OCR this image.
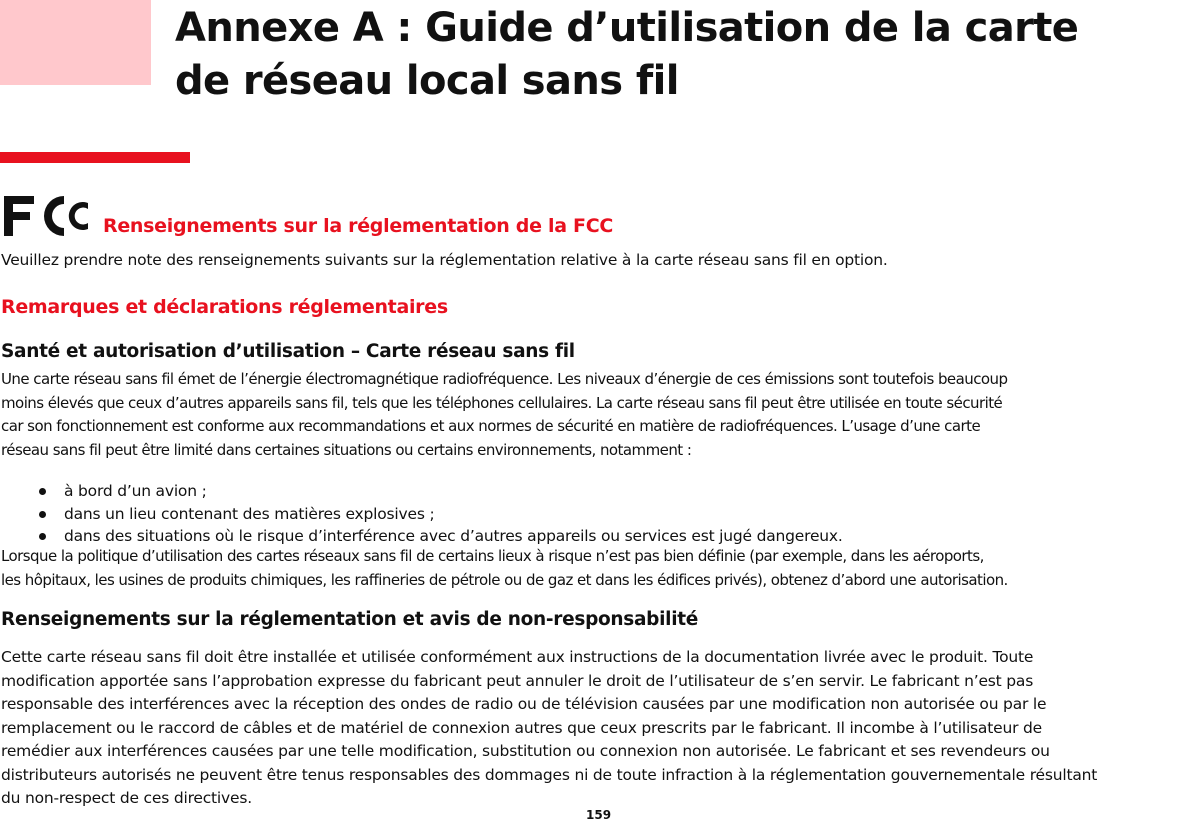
Annexe A : Guide d’utilisation de la carte
de réseau local sans fil
Renseignements sur la réglementation de la FCC

Veuillez prendre note des renseignements suivants sur la réglementation relative à la carte réseau sans fil en option.

Remarques et déclarations réglementaires
Santé et autorisation d’utilisation – Carte réseau sans fil

Une carte réseau sans fil émet de l’énergie électromagnétique radiofréquence. Les niveaux d’énergie de ces émissions sont toutefois beaucoup
moins élevés que ceux d’autres appareils sans fil, tels que les téléphones cellulaires. La carte réseau sans fil peut être utilisée en toute sécurité
car son fonctionnement est conforme aux recommandations et aux normes de sécurité en matière de radiofréquences. L’usage d’une carte
réseau sans fil peut être limité dans certaines situations ou certains environnements, notamment :

à bord d’un avion ;
dans un lieu contenant des matières explosives ;
dans des situations où le risque d’interférence avec d’autres appareils ou services est jugé dangereux.

Lorsque la politique d’utilisation des cartes réseaux sans fil de certains lieux à risque n’est pas bien définie (par exemple, dans les aéroports,
les hôpitaux, les usines de produits chimiques, les raffineries de pétrole ou de gaz et dans les édifices privés), obtenez d’abord une autorisation.

Renseignements sur la réglementation et avis de non-responsabilité

Cette carte réseau sans fil doit être installée et utilisée conformément aux instructions de la documentation livrée avec le produit. Toute
modification apportée sans l’approbation expresse du fabricant peut annuler le droit de l’utilisateur de s’en servir. Le fabricant n’est pas
responsable des interférences avec la réception des ondes de radio ou de télévision causées par une modification non autorisée ou par le
remplacement ou le raccord de câbles et de matériel de connexion autres que ceux prescrits par le fabricant. Il incombe à l’utilisateur de
remédier aux interférences causées par une telle modification, substitution ou connexion non autorisée. Le fabricant et ses revendeurs ou
distributeurs autorisés ne peuvent être tenus responsables des dommages ni de toute infraction à la réglementation gouvernementale résultant
du non-respect de ces directives.

159
